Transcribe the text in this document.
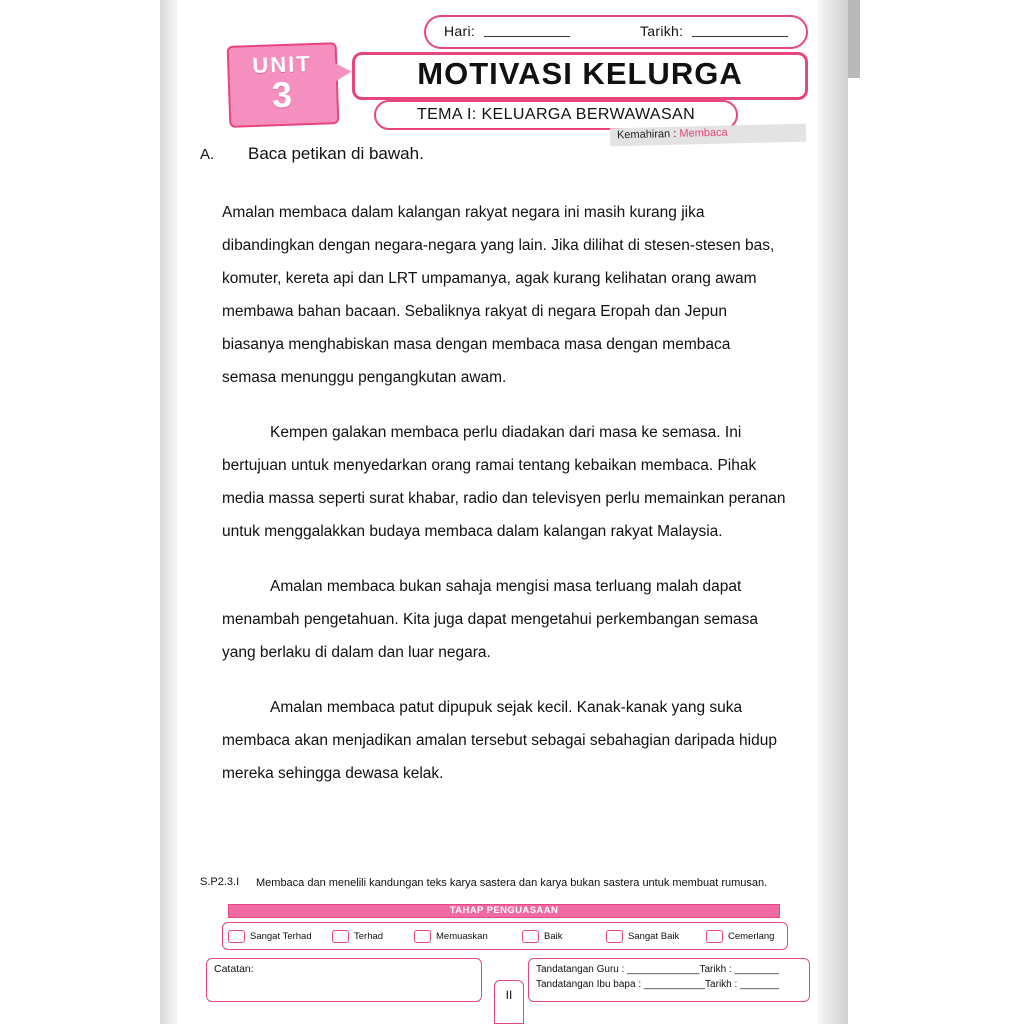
Hari:	Tarikh:
MOTIVASI KELURGA
UNIT
3	TEMA I: KELUARGA BERWAWASAN
Kemahiran : Membaca
A. Baca petikan di bawah.

Amalan membaca dalam kalangan rakyat negara ini masih kurang jika dibandingkan dengan negara-negara yang lain. Jika dilihat di stesen-stesen bas, komuter, kereta api dan LRT umpamanya, agak kurang kelihatan orang awam membawa bahan bacaan. Sebaliknya rakyat di negara Eropah dan Jepun biasanya menghabiskan masa dengan membaca masa dengan membaca semasa menunggu pengangkutan awam.

Kempen galakan membaca perlu diadakan dari masa ke semasa. Ini bertujuan untuk menyedarkan orang ramai tentang kebaikan membaca. Pihak media massa seperti surat khabar, radio dan televisyen perlu memainkan peranan untuk menggalakkan budaya membaca dalam kalangan rakyat Malaysia.

Amalan membaca bukan sahaja mengisi masa terluang malah dapat menambah pengetahuan. Kita juga dapat mengetahui perkembangan semasa yang berlaku di dalam dan luar negara.

Amalan membaca patut dipupuk sejak kecil. Kanak-kanak yang suka membaca akan menjadikan amalan tersebut sebagai sebahagian daripada hidup mereka sehingga dewasa kelak.

S.P2.3.I Membaca dan menelili kandungan teks karya sastera dan karya bukan sastera untuk membuat rumusan.
TAHAP PENGUASAAN
Sangat Terhad	Terhad	Memuaskan	Baik	Sangat Baik	Cemerlang
Catatan:	Tandatangan Guru : _____________Tarikh : ________
Tandatangan Ibu bapa : ___________Tarikh : _______
II
